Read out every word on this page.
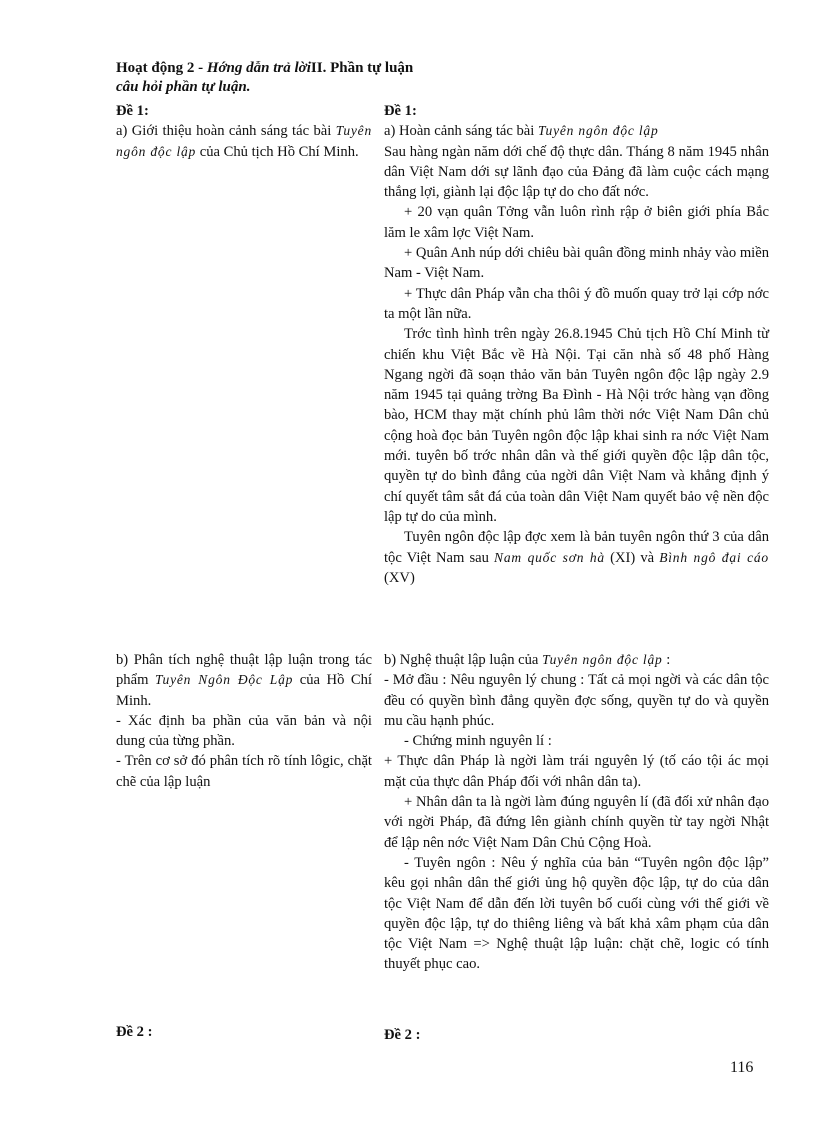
Hoạt động 2 - Hớng dẫn trả lờiII. Phần tự luận
câu hỏi phần tự luận.

Đề 1:

a) Giới thiệu hoàn cảnh sáng tác bài Tuyên ngôn độc lập của Chủ tịch Hồ Chí Minh.

b) Phân tích nghệ thuật lập luận trong tác phẩm Tuyên Ngôn Độc Lập của Hồ Chí Minh.

- Xác định ba phần của văn bản và nội dung của từng phần.

- Trên cơ sở đó phân tích rõ tính lôgic, chặt chẽ của lập luận

Đề 2 :

Đề 1:

a) Hoàn cảnh sáng tác bài Tuyên ngôn độc lập

Sau hàng ngàn năm dới chế độ thực dân. Tháng 8 năm 1945 nhân dân Việt Nam dới sự lãnh đạo của Đảng đã làm cuộc cách mạng thắng lợi, giành lại độc lập tự do cho đất nớc.

+ 20 vạn quân Tởng vẫn luôn rình rập ở biên giới phía Bắc lăm le xâm lợc Việt Nam.

+ Quân Anh núp dới chiêu bài quân đồng minh nhảy vào miền Nam - Việt Nam.

+ Thực dân Pháp vẫn cha thôi ý đồ muốn quay trở lại cớp nớc ta một lần nữa.

Trớc tình hình trên ngày 26.8.1945 Chủ tịch Hồ Chí Minh từ chiến khu Việt Bắc về Hà Nội. Tại căn nhà số 48 phố Hàng Ngang ngời đã soạn thảo văn bản Tuyên ngôn độc lập ngày 2.9 năm 1945 tại quảng trờng Ba Đình - Hà Nội trớc hàng vạn đồng bào, HCM thay mặt chính phủ lâm thời nớc Việt Nam Dân chủ cộng hoà đọc bản Tuyên ngôn độc lập khai sinh ra nớc Việt Nam mới. tuyên bố trớc nhân dân và thế giới quyền độc lập dân tộc, quyền tự do bình đẳng của ngời dân Việt Nam và khẳng định ý chí quyết tâm sắt đá của toàn dân Việt Nam quyết bảo vệ nền độc lập tự do của mình.

Tuyên ngôn độc lập đợc xem là bản tuyên ngôn thứ 3 của dân tộc Việt Nam sau Nam quốc sơn hà (XI) và Bình ngô đại cáo (XV)

b) Nghệ thuật lập luận của Tuyên ngôn độc lập :

- Mở đầu : Nêu nguyên lý chung : Tất cả mọi ngời và các dân tộc đều có quyền bình đẳng quyền đợc sống, quyền tự do và quyền mu cầu hạnh phúc.

- Chứng minh nguyên lí :

+ Thực dân Pháp là ngời làm trái nguyên lý (tố cáo tội ác mọi mặt của thực dân Pháp đối với nhân dân ta).

+ Nhân dân ta là ngời làm đúng nguyên lí (đã đối xử nhân đạo với ngời Pháp, đã đứng lên giành chính quyền từ tay ngời Nhật để lập nên nớc Việt Nam Dân Chủ Cộng Hoà.

- Tuyên ngôn : Nêu ý nghĩa của bản “Tuyên ngôn độc lập” kêu gọi nhân dân thế giới ủng hộ quyền độc lập, tự do của dân tộc Việt Nam để dẫn đến lời tuyên bố cuối cùng với thế giới về quyền độc lập, tự do thiêng liêng và bất khả xâm phạm của dân tộc Việt Nam => Nghệ thuật lập luận: chặt chẽ, logic có tính thuyết phục cao.

Đề 2 :

116
